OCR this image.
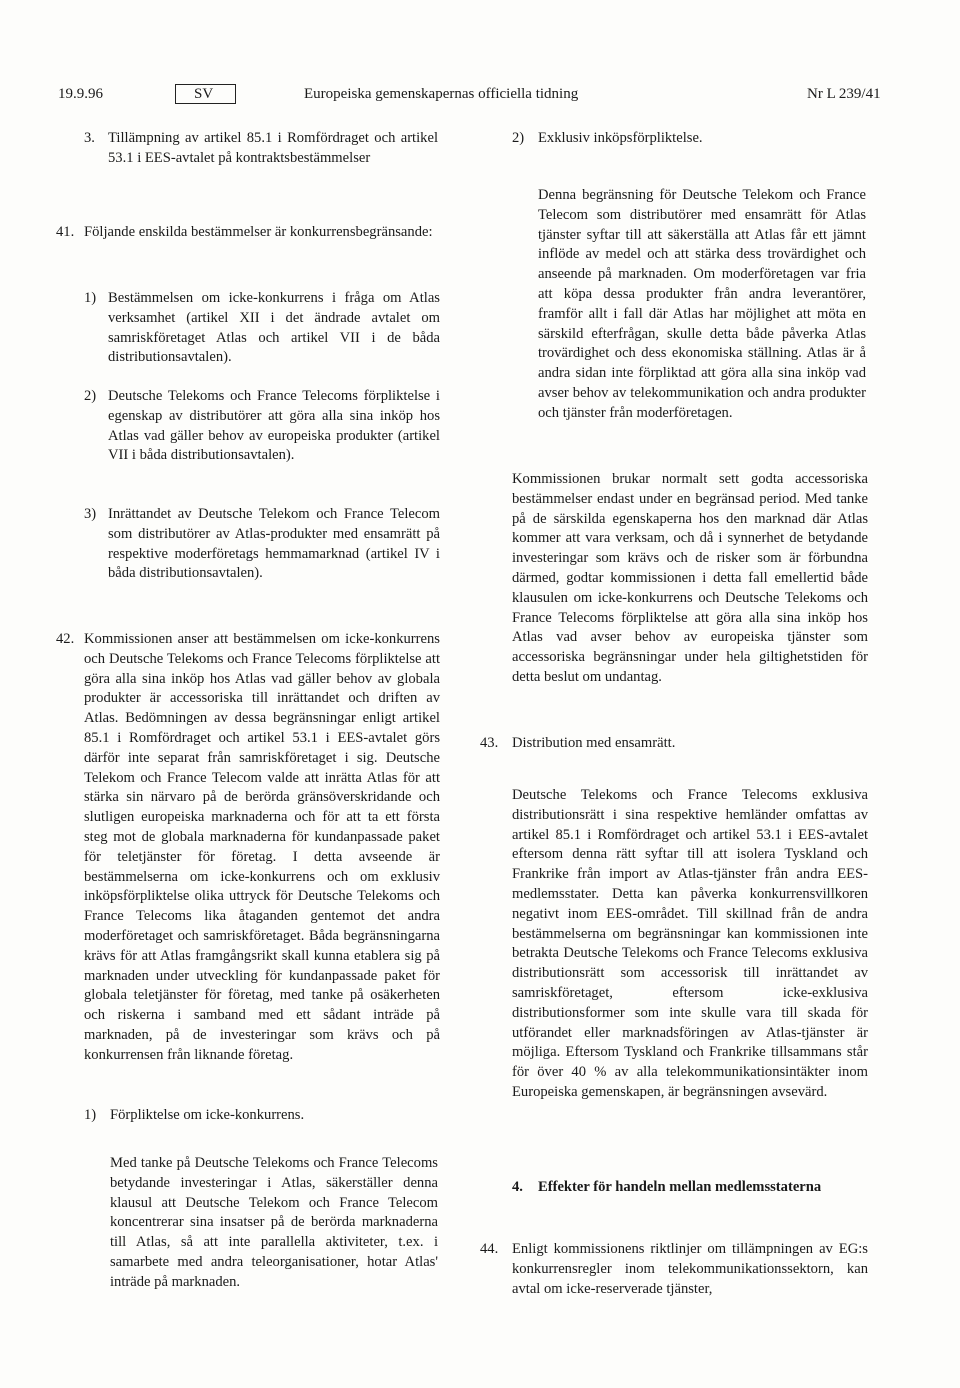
19.9.96	SV	Europeiska gemenskapernas officiella tidning	Nr L 239/41
3. Tillämpning av artikel 85.1 i Romfördraget och artikel 53.1 i EES-avtalet på kontraktsbestämmelser
41. Följande enskilda bestämmelser är konkurrensbegränsande:
1) Bestämmelsen om icke-konkurrens i fråga om Atlas verksamhet (artikel XII i det ändrade avtalet om samriskföretaget Atlas och artikel VII i de båda distributionsavtalen).
2) Deutsche Telekoms och France Telecoms förpliktelse i egenskap av distributörer att göra alla sina inköp hos Atlas vad gäller behov av europeiska produkter (artikel VII i båda distributionsavtalen).
3) Inrättandet av Deutsche Telekom och France Telecom som distributörer av Atlas-produkter med ensamrätt på respektive moderföretags hemmamarknad (artikel IV i båda distributionsavtalen).
42. Kommissionen anser att bestämmelsen om icke-konkurrens och Deutsche Telekoms och France Telecoms förpliktelse att göra alla sina inköp hos Atlas vad gäller behov av globala produkter är accessoriska till inrättandet och driften av Atlas. Bedömningen av dessa begränsningar enligt artikel 85.1 i Romfördraget och artikel 53.1 i EES-avtalet görs därför inte separat från samriskföretaget i sig. Deutsche Telekom och France Telecom valde att inrätta Atlas för att stärka sin närvaro på de berörda gränsöverskridande och slutligen europeiska marknaderna och för att ta ett första steg mot de globala marknaderna för kundanpassade paket för teletjänster för företag. I detta avseende är bestämmelserna om icke-konkurrens och om exklusiv inköpsförpliktelse olika uttryck för Deutsche Telekoms och France Telecoms lika åtaganden gentemot det andra moderföretaget och samriskföretaget. Båda begränsningarna krävs för att Atlas framgångsrikt skall kunna etablera sig på marknaden under utveckling för kundanpassade paket för globala teletjänster för företag, med tanke på osäkerheten och riskerna i samband med ett sådant inträde på marknaden, på de investeringar som krävs och på konkurrensen från liknande företag.
1) Förpliktelse om icke-konkurrens.
Med tanke på Deutsche Telekoms och France Telecoms betydande investeringar i Atlas, säkerställer denna klausul att Deutsche Telekom och France Telecom koncentrerar sina insatser på de berörda marknaderna till Atlas, så att inte parallella aktiviteter, t.ex. i samarbete med andra teleorganisationer, hotar Atlas' inträde på marknaden.
2) Exklusiv inköpsförpliktelse.
Denna begränsning för Deutsche Telekom och France Telecom som distributörer med ensamrätt för Atlas tjänster syftar till att säkerställa att Atlas får ett jämnt inflöde av medel och att stärka dess trovärdighet och anseende på marknaden. Om moderföretagen var fria att köpa dessa produkter från andra leverantörer, framför allt i fall där Atlas har möjlighet att möta en särskild efterfrågan, skulle detta både påverka Atlas trovärdighet och dess ekonomiska ställning. Atlas är å andra sidan inte förpliktad att göra alla sina inköp vad avser behov av telekommunikation och andra produkter och tjänster från moderföretagen.
Kommissionen brukar normalt sett godta accessoriska bestämmelser endast under en begränsad period. Med tanke på de särskilda egenskaperna hos den marknad där Atlas kommer att vara verksam, och då i synnerhet de betydande investeringar som krävs och de risker som är förbundna därmed, godtar kommissionen i detta fall emellertid både klausulen om icke-konkurrens och Deutsche Telekoms och France Telecoms förpliktelse att göra alla sina inköp hos Atlas vad avser behov av europeiska tjänster som accessoriska begränsningar under hela giltighetstiden för detta beslut om undantag.
43. Distribution med ensamrätt.
Deutsche Telekoms och France Telecoms exklusiva distributionsrätt i sina respektive hemländer omfattas av artikel 85.1 i Romfördraget och artikel 53.1 i EES-avtalet eftersom denna rätt syftar till att isolera Tyskland och Frankrike från import av Atlas-tjänster från andra EES-medlemsstater. Detta kan påverka konkurrensvillkoren negativt inom EES-området. Till skillnad från de andra bestämmelserna om begränsningar kan kommissionen inte betrakta Deutsche Telekoms och France Telecoms exklusiva distributionsrätt som accessorisk till inrättandet av samriskföretaget, eftersom icke-exklusiva distributionsformer som inte skulle vara till skada för utförandet eller marknadsföringen av Atlas-tjänster är möjliga. Eftersom Tyskland och Frankrike tillsammans står för över 40 % av alla telekommunikationsintäkter inom Europeiska gemenskapen, är begränsningen avsevärd.
4. Effekter för handeln mellan medlemsstaterna
44. Enligt kommissionens riktlinjer om tillämpningen av EG:s konkurrensregler inom telekommunikationssektorn, kan avtal om icke-reserverade tjänster,
